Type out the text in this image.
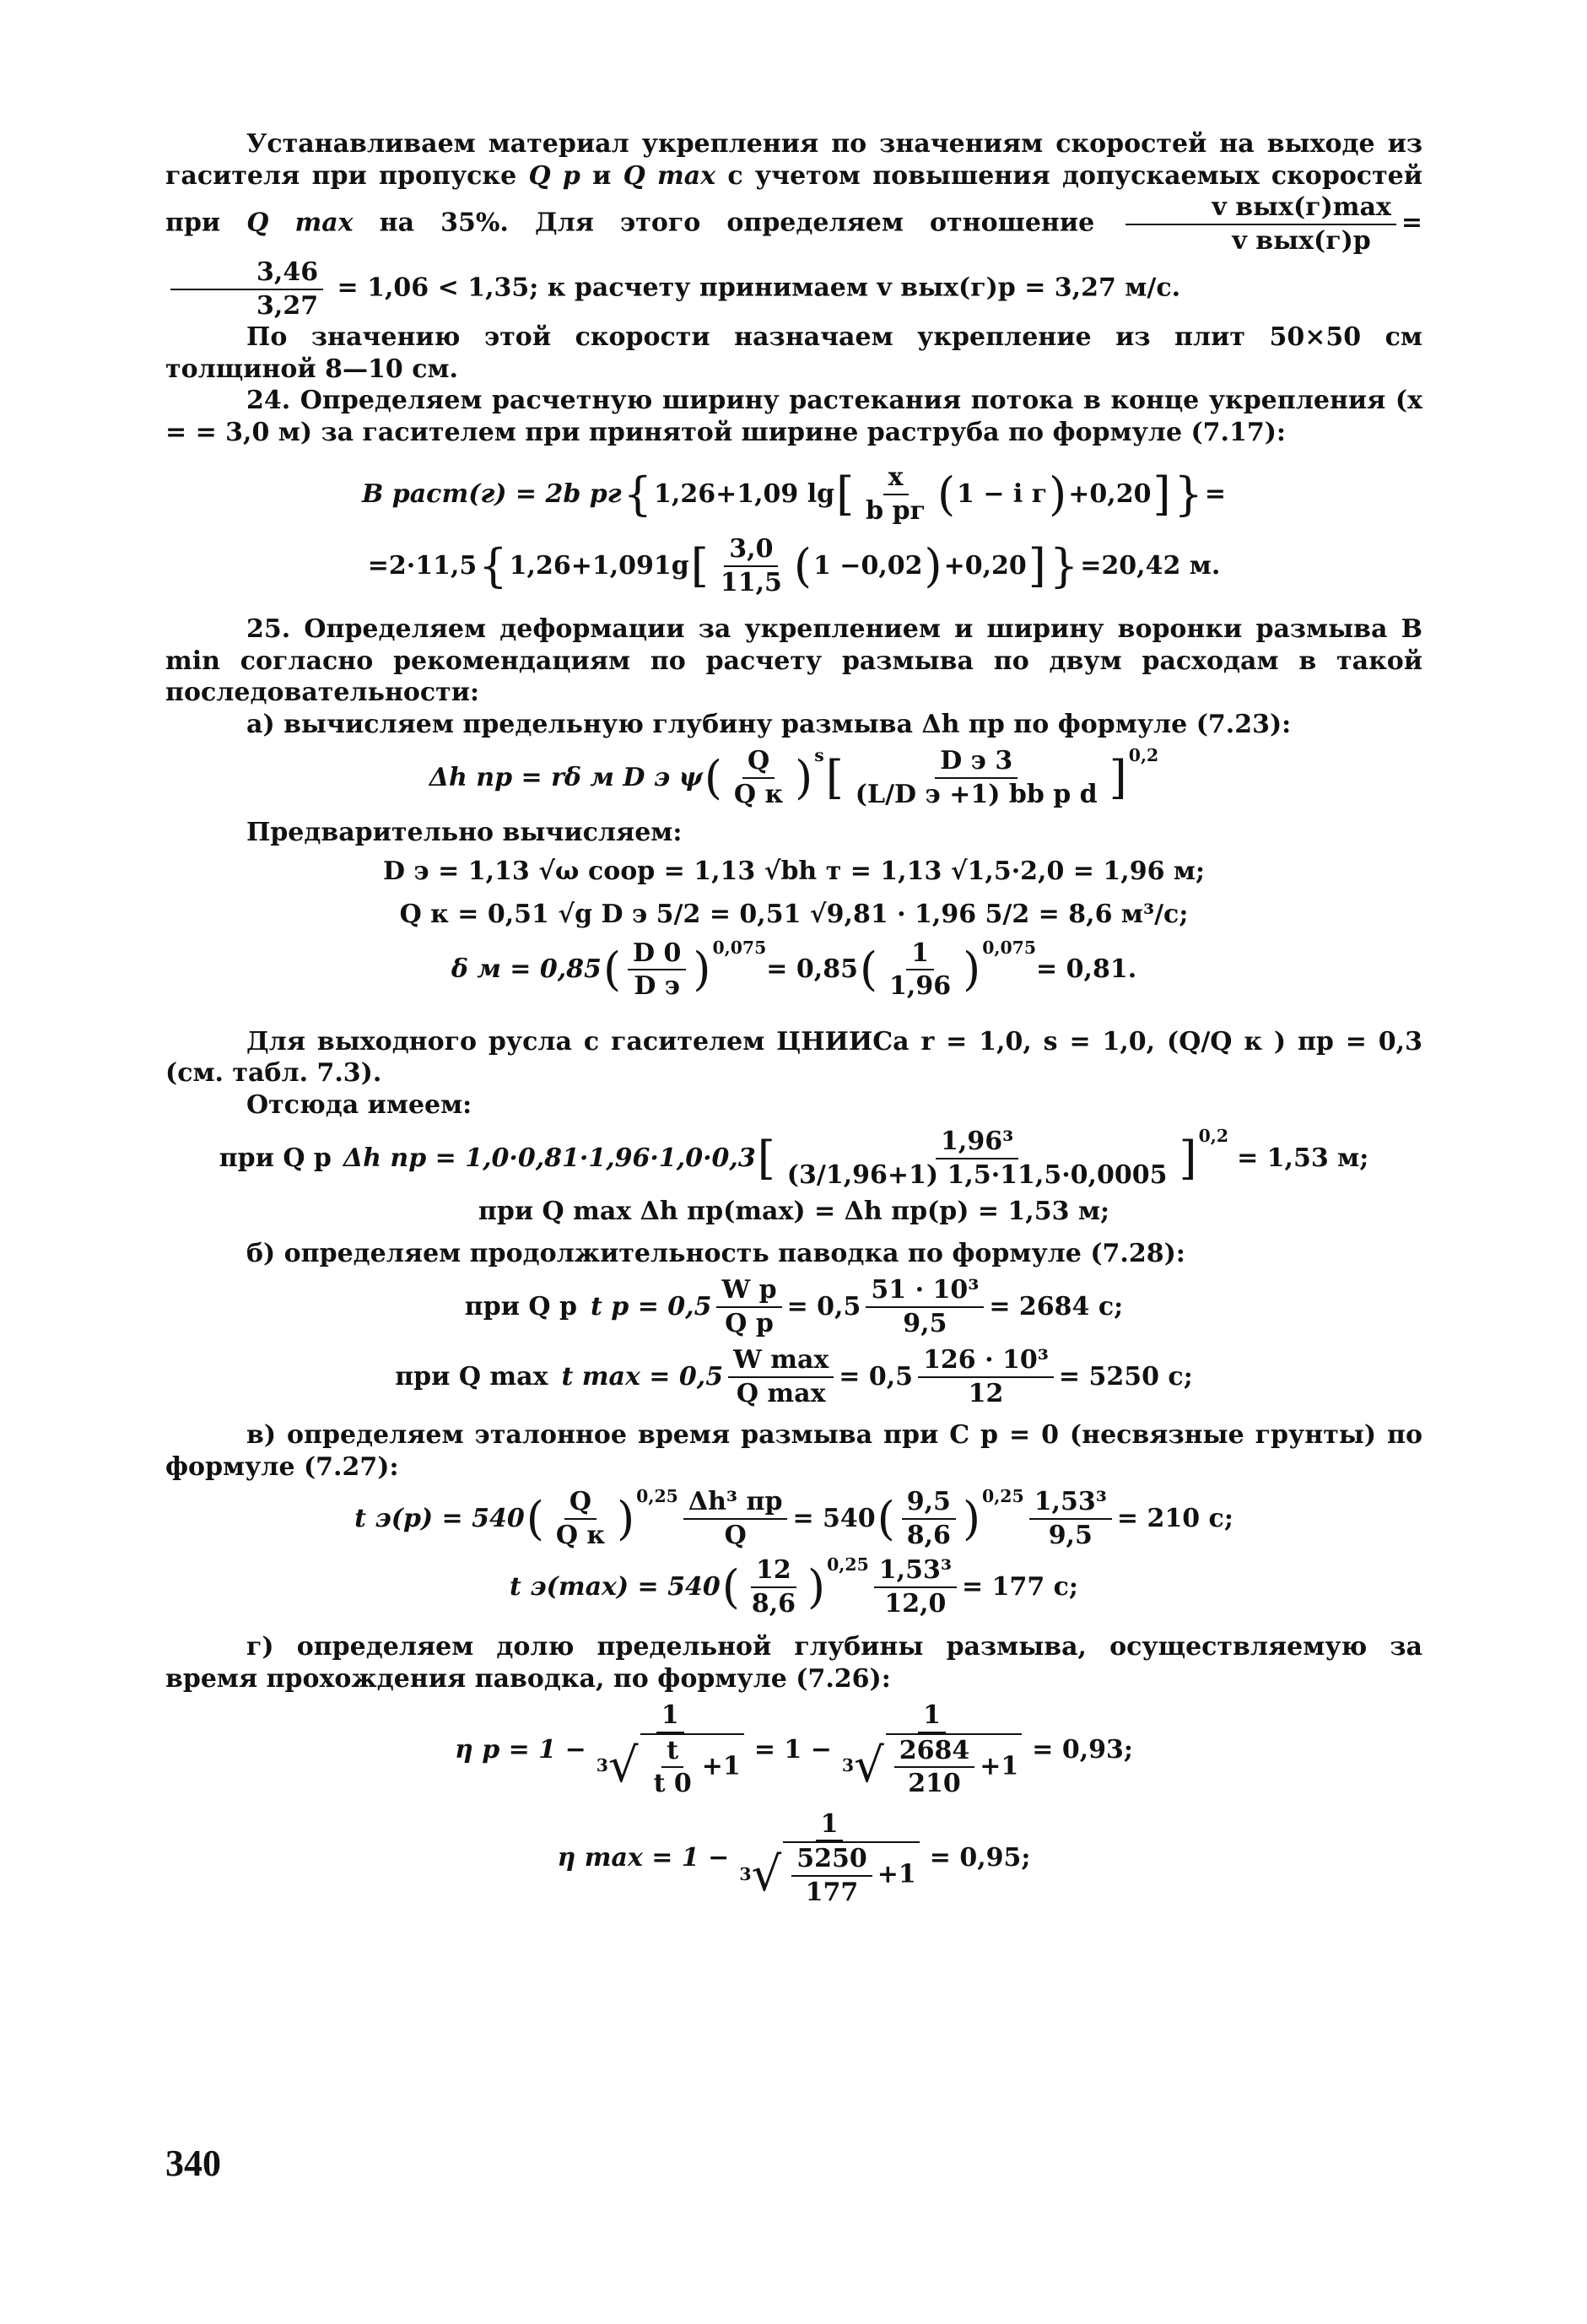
Устанавливаем материал укрепления по значениям скоростей на выходе из гасителя при пропуске Q р и Q max с учетом повышения допускаемых скоростей при Q max на 35%. Для этого определяем отношение
v вых(г)max
v вых(г)р
=
$\frac{3,46}{3,27} = 1,06 < 1,35$; к расчету принимаем v вых(г)р = 3,27 м/с.

По значению этой скорости назначаем укрепление из плит 50×50 см толщиной 8—10 см.

24. Определяем расчетную ширину растекания потока в конце укрепления (x = = 3,0 м) за гасителем при принятой ширине раструба по формуле (7.17):

B раст(г) = 2b рг { 1,26+1,09 lg [ x
b рг ( 1 − i г ) +0,20 ] } =
=2·11,5 { 1,26+1,091g [ 3,0
11,5 ( 1 −0,02 ) +0,20 ] } =20,42 м.

25. Определяем деформации за укреплением и ширину воронки размыва B min согласно рекомендациям по расчету размыва по двум расходам в такой последовательности:

а) вычисляем предельную глубину размыва Δh пр по формуле (7.23):

Δh пр = rδ м D э ψ ( Q
Q к )$^s$ [	D э 3
(L/D э +1) bb р d ]$^{0,2}$

Предварительно вычисляем:

D э = 1,13 √ω соор = 1,13 √bh т = 1,13 √1,5·2,0 = 1,96 м;
Q к = 0,51 √g D э 5/2 = 0,51 √9,81 · 1,96 5/2 = 8,6 м³/с;
δ м = 0,85 ( D 0
D э )$^{0,075}$
= 0,85 ( 1
1,96 )$^{0,075}$
= 0,81.

Для выходного русла с гасителем ЦНИИСа r = 1,0, s = 1,0, (Q/Q к ) пр = 0,3 (см. табл. 7.3).

Отсюда имеем:

при Q р Δh пр = 1,0·0,81·1,96·1,0·0,3 [	1,96³
(3/1,96+1) 1,5·11,5·0,0005 ]$^{0,2}$
= 1,53 м;
при Q max Δh пр(max) = Δh пр(р) = 1,53 м;

б) определяем продолжительность паводка по формуле (7.28):

при Q р t р = 0,5
W р
Q р
= $0,5 \frac{\text{51 · 10³}}{9,5} = 2684$ с;
при Q max t max = 0,5
W max
Q max
= $0,5 \frac{\text{126 · 10³}}{12} = 5250$ с;

в) определяем эталонное время размыва при C р = 0 (несвязные грунты) по формуле (7.27):

t э(р) = 540 ( Q
Q к )$^{0,25}$ Δh³ пр
Q
= 540 ( 9,5
8,6 )$^{0,25} \frac{\text{1,53³}}{9,5} = 210$ с;
t э(max) = 540 ( 12
8,6 )$^{0,25} \frac{\text{1,53³}}{12,0} = 177$ с;

г) определяем долю предельной глубины размыва, осуществляемую за время прохождения паводка, по формуле (7.26):

η $р = 1 - \frac{1}{3 √ \frac{t}{t 0} +1} = 1 - \frac{1}{3 √ \frac{2684}{210} +1} = 0,93$;
η $\max = 1 - \frac{1}{3 √ \frac{5250}{177} +1} = 0,95$;
340
